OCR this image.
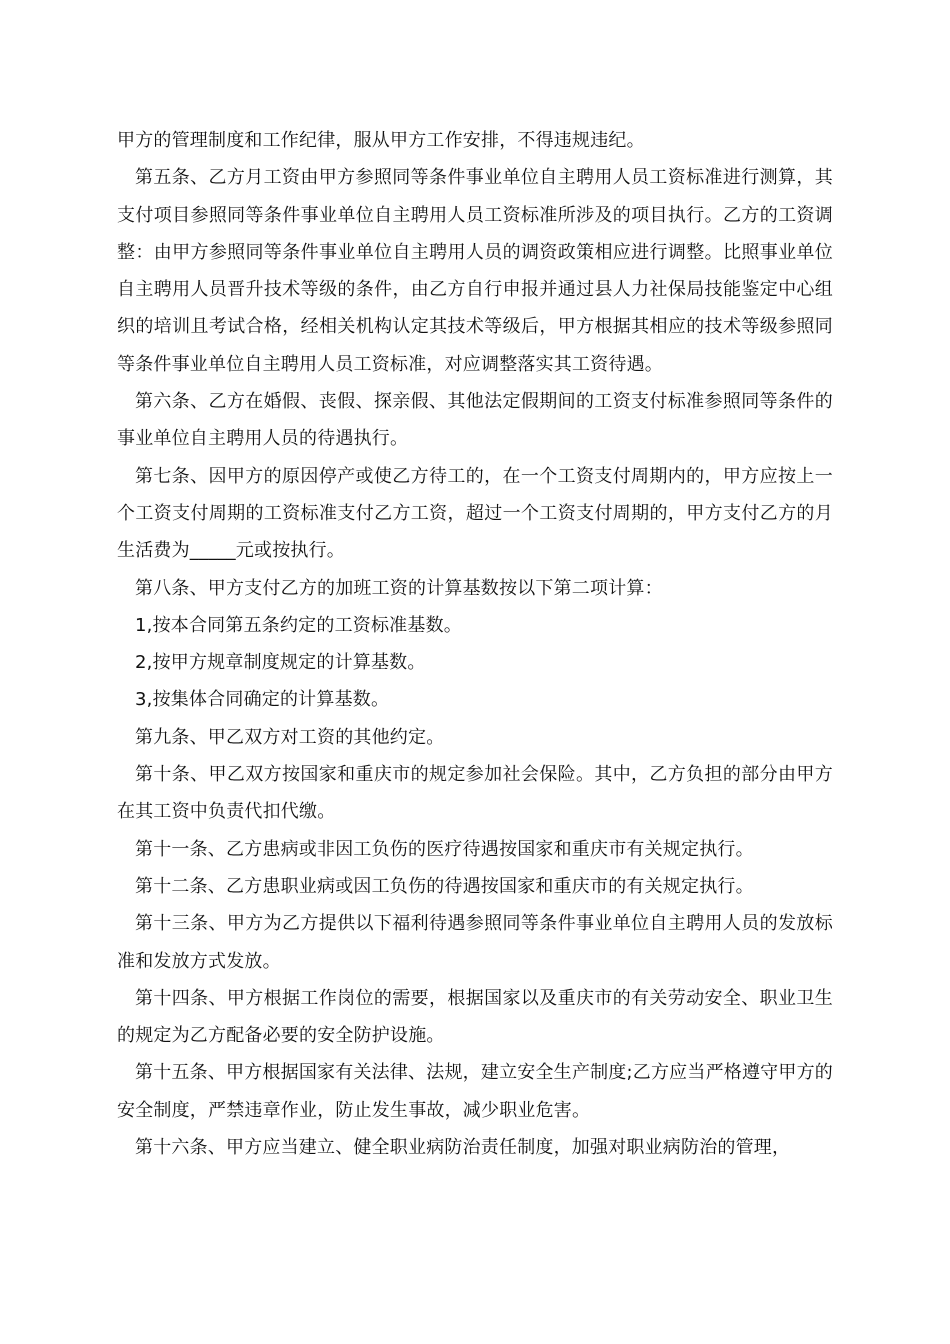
甲方的管理制度和工作纪律，服从甲方工作安排，不得违规违纪。

第五条、乙方月工资由甲方参照同等条件事业单位自主聘用人员工资标准进行测算，其支付项目参照同等条件事业单位自主聘用人员工资标准所涉及的项目执行。乙方的工资调整：由甲方参照同等条件事业单位自主聘用人员的调资政策相应进行调整。比照事业单位自主聘用人员晋升技术等级的条件，由乙方自行申报并通过县人力社保局技能鉴定中心组织的培训且考试合格，经相关机构认定其技术等级后，甲方根据其相应的技术等级参照同等条件事业单位自主聘用人员工资标准，对应调整落实其工资待遇。

第六条、乙方在婚假、丧假、探亲假、其他法定假期间的工资支付标准参照同等条件的事业单位自主聘用人员的待遇执行。

第七条、因甲方的原因停产或使乙方待工的，在一个工资支付周期内的，甲方应按上一个工资支付周期的工资标准支付乙方工资，超过一个工资支付周期的，甲方支付乙方的月生活费为_____元或按执行。

第八条、甲方支付乙方的加班工资的计算基数按以下第二项计算：

1,按本合同第五条约定的工资标准基数。

2,按甲方规章制度规定的计算基数。

3,按集体合同确定的计算基数。

第九条、甲乙双方对工资的其他约定。

第十条、甲乙双方按国家和重庆市的规定参加社会保险。其中，乙方负担的部分由甲方在其工资中负责代扣代缴。

第十一条、乙方患病或非因工负伤的医疗待遇按国家和重庆市有关规定执行。

第十二条、乙方患职业病或因工负伤的待遇按国家和重庆市的有关规定执行。

第十三条、甲方为乙方提供以下福利待遇参照同等条件事业单位自主聘用人员的发放标准和发放方式发放。

第十四条、甲方根据工作岗位的需要，根据国家以及重庆市的有关劳动安全、职业卫生的规定为乙方配备必要的安全防护设施。

第十五条、甲方根据国家有关法律、法规，建立安全生产制度;乙方应当严格遵守甲方的安全制度，严禁违章作业，防止发生事故，减少职业危害。

第十六条、甲方应当建立、健全职业病防治责任制度，加强对职业病防治的管理，
